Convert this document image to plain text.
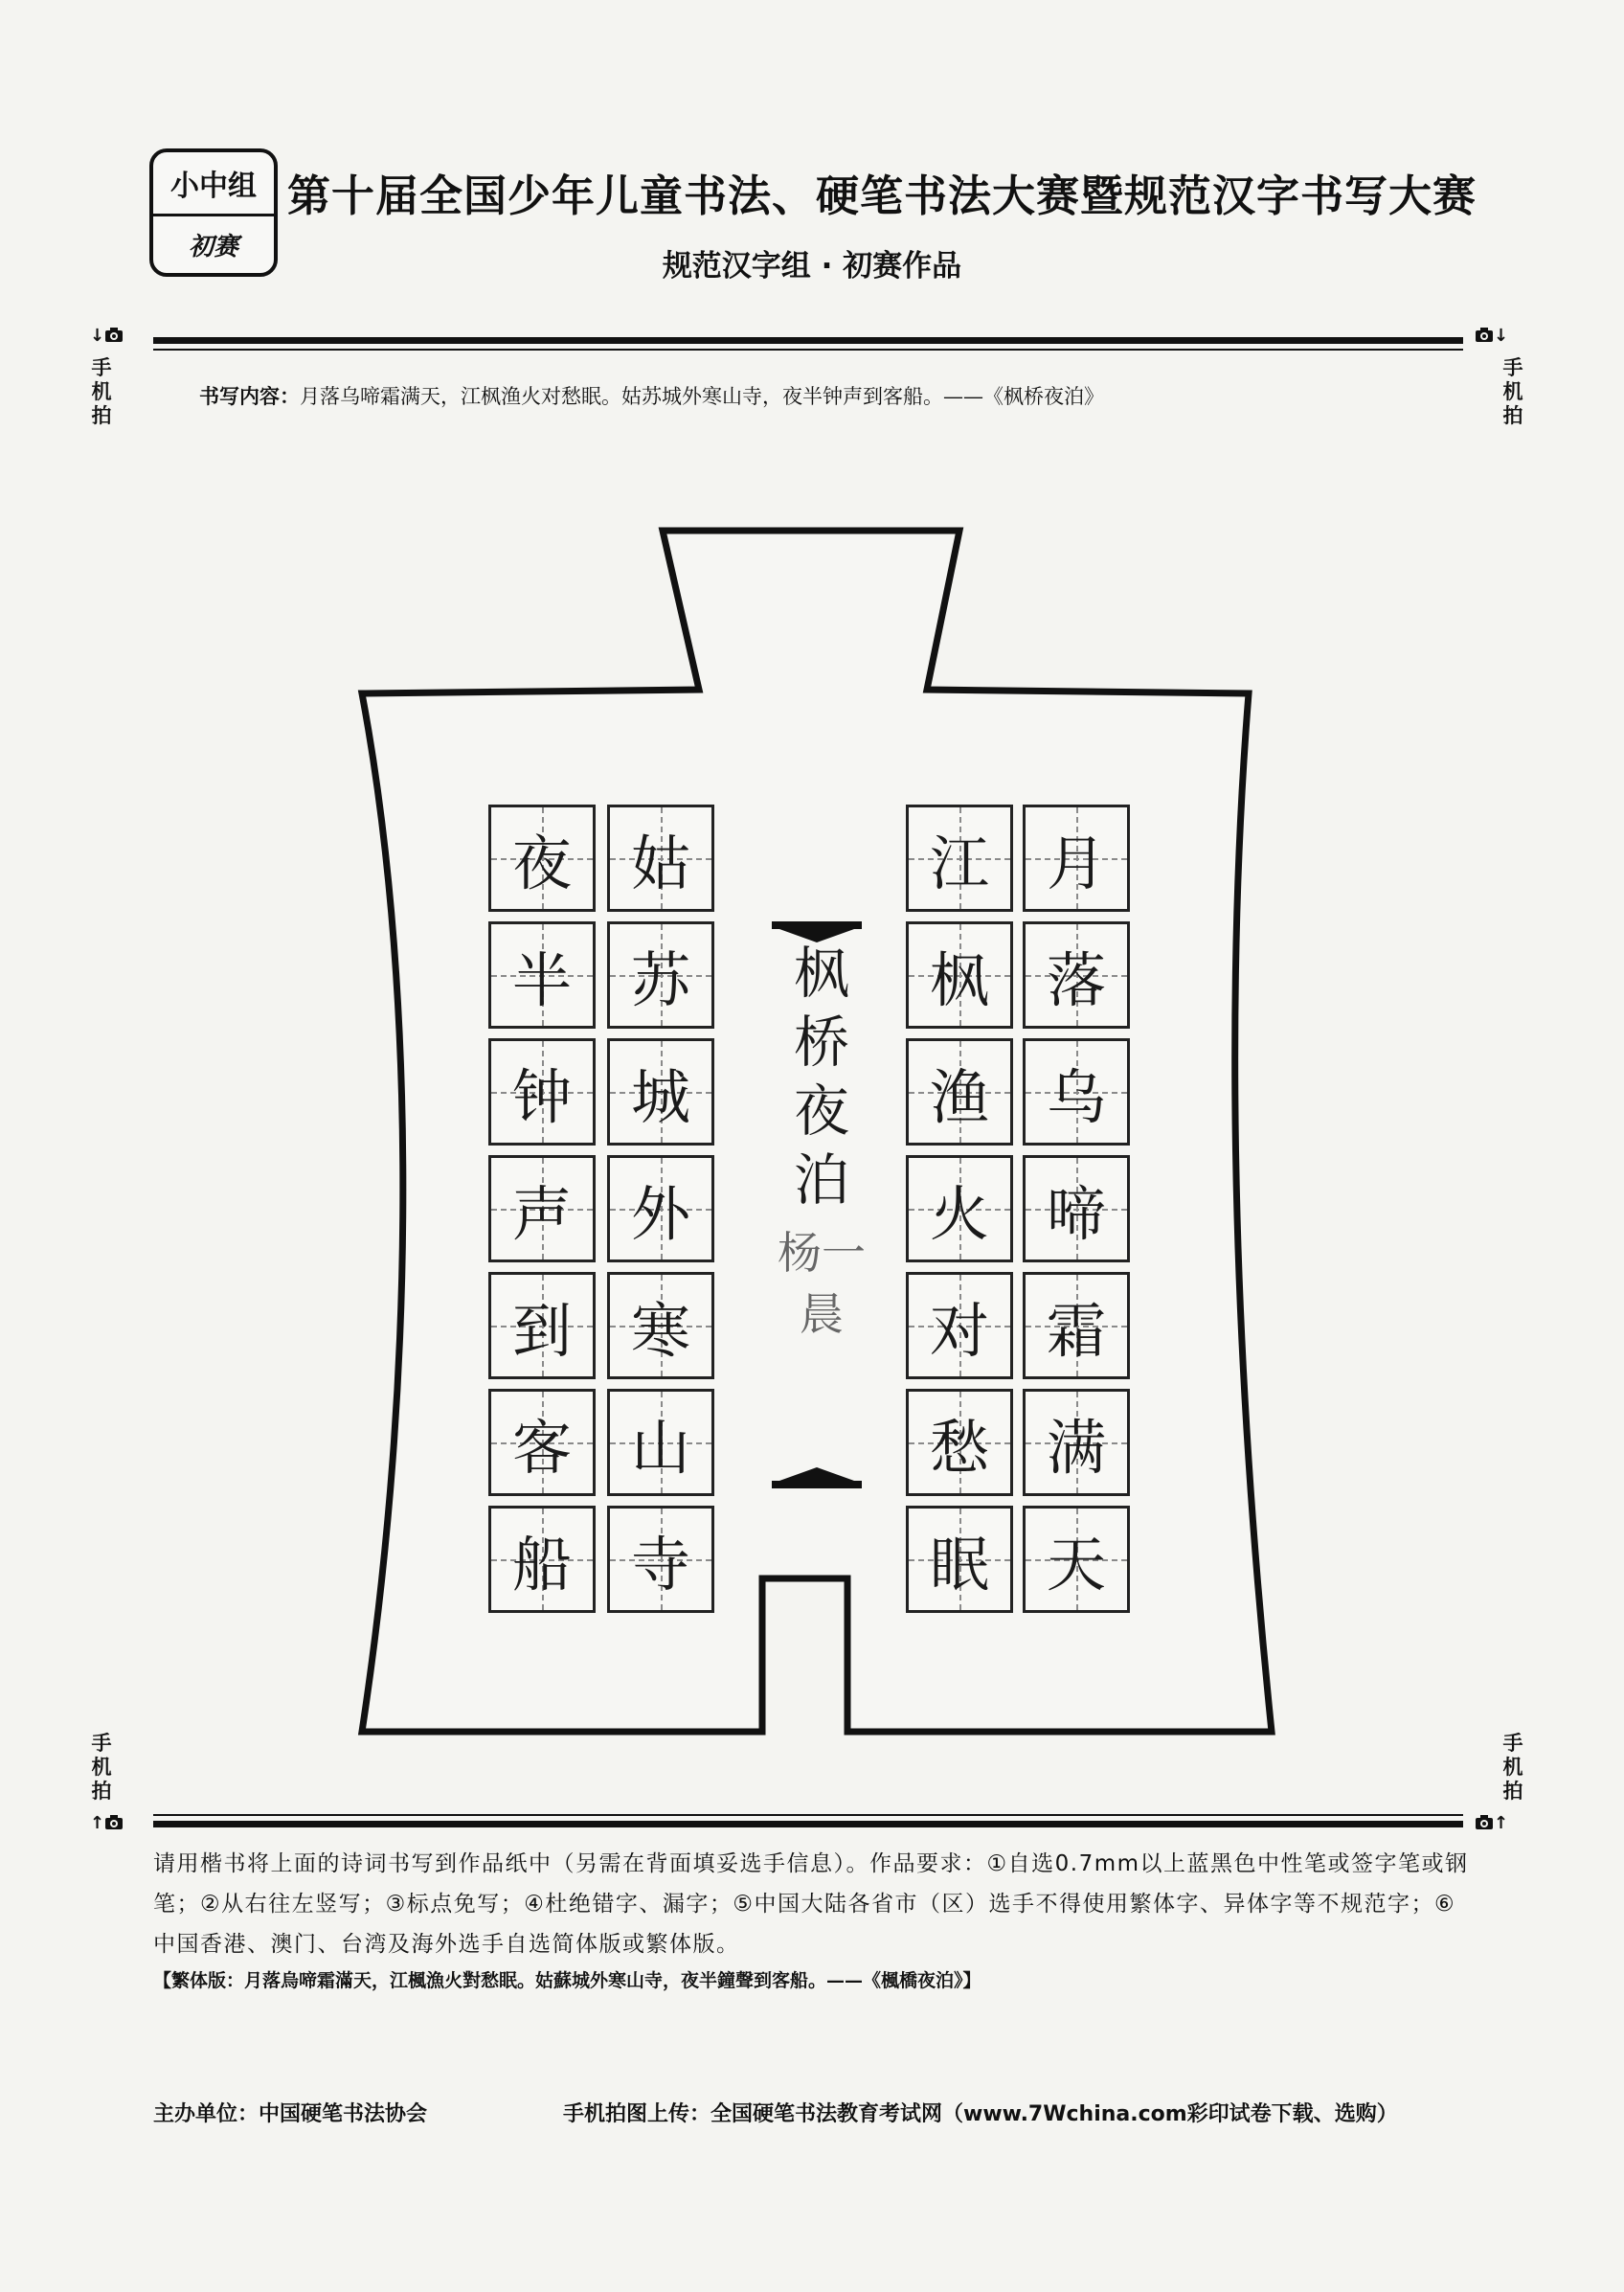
小中组
初赛
第十届全国少年儿童书法、硬笔书法大赛暨规范汉字书写大赛
规范汉字组 · 初赛作品
↓
手机拍
↓
手机拍
书写内容：月落乌啼霜满天，江枫渔火对愁眠。姑苏城外寒山寺，夜半钟声到客船。——《枫桥夜泊》
月
落
乌
啼
霜
满
天
江
枫
渔
火
对
愁
眠
姑
苏
城
外
寒
山
寺
夜
半
钟
声
到
客
船
枫
桥
夜
泊
杨一晨
手机拍
手机拍
↑	↑
请用楷书将上面的诗词书写到作品纸中（另需在背面填妥选手信息）。作品要求：①自选0.7mm以上蓝黑色中性笔或签字笔或钢笔；②从右往左竖写；③标点免写；④杜绝错字、漏字；⑤中国大陆各省市（区）选手不得使用繁体字、异体字等不规范字；⑥中国香港、澳门、台湾及海外选手自选简体版或繁体版。
【繁体版：月落烏啼霜滿天，江楓漁火對愁眠。姑蘇城外寒山寺，夜半鐘聲到客船。——《楓橋夜泊》】
主办单位：中国硬笔书法协会	手机拍图上传：全国硬笔书法教育考试网（www.7Wchina.com彩印试卷下载、选购）
